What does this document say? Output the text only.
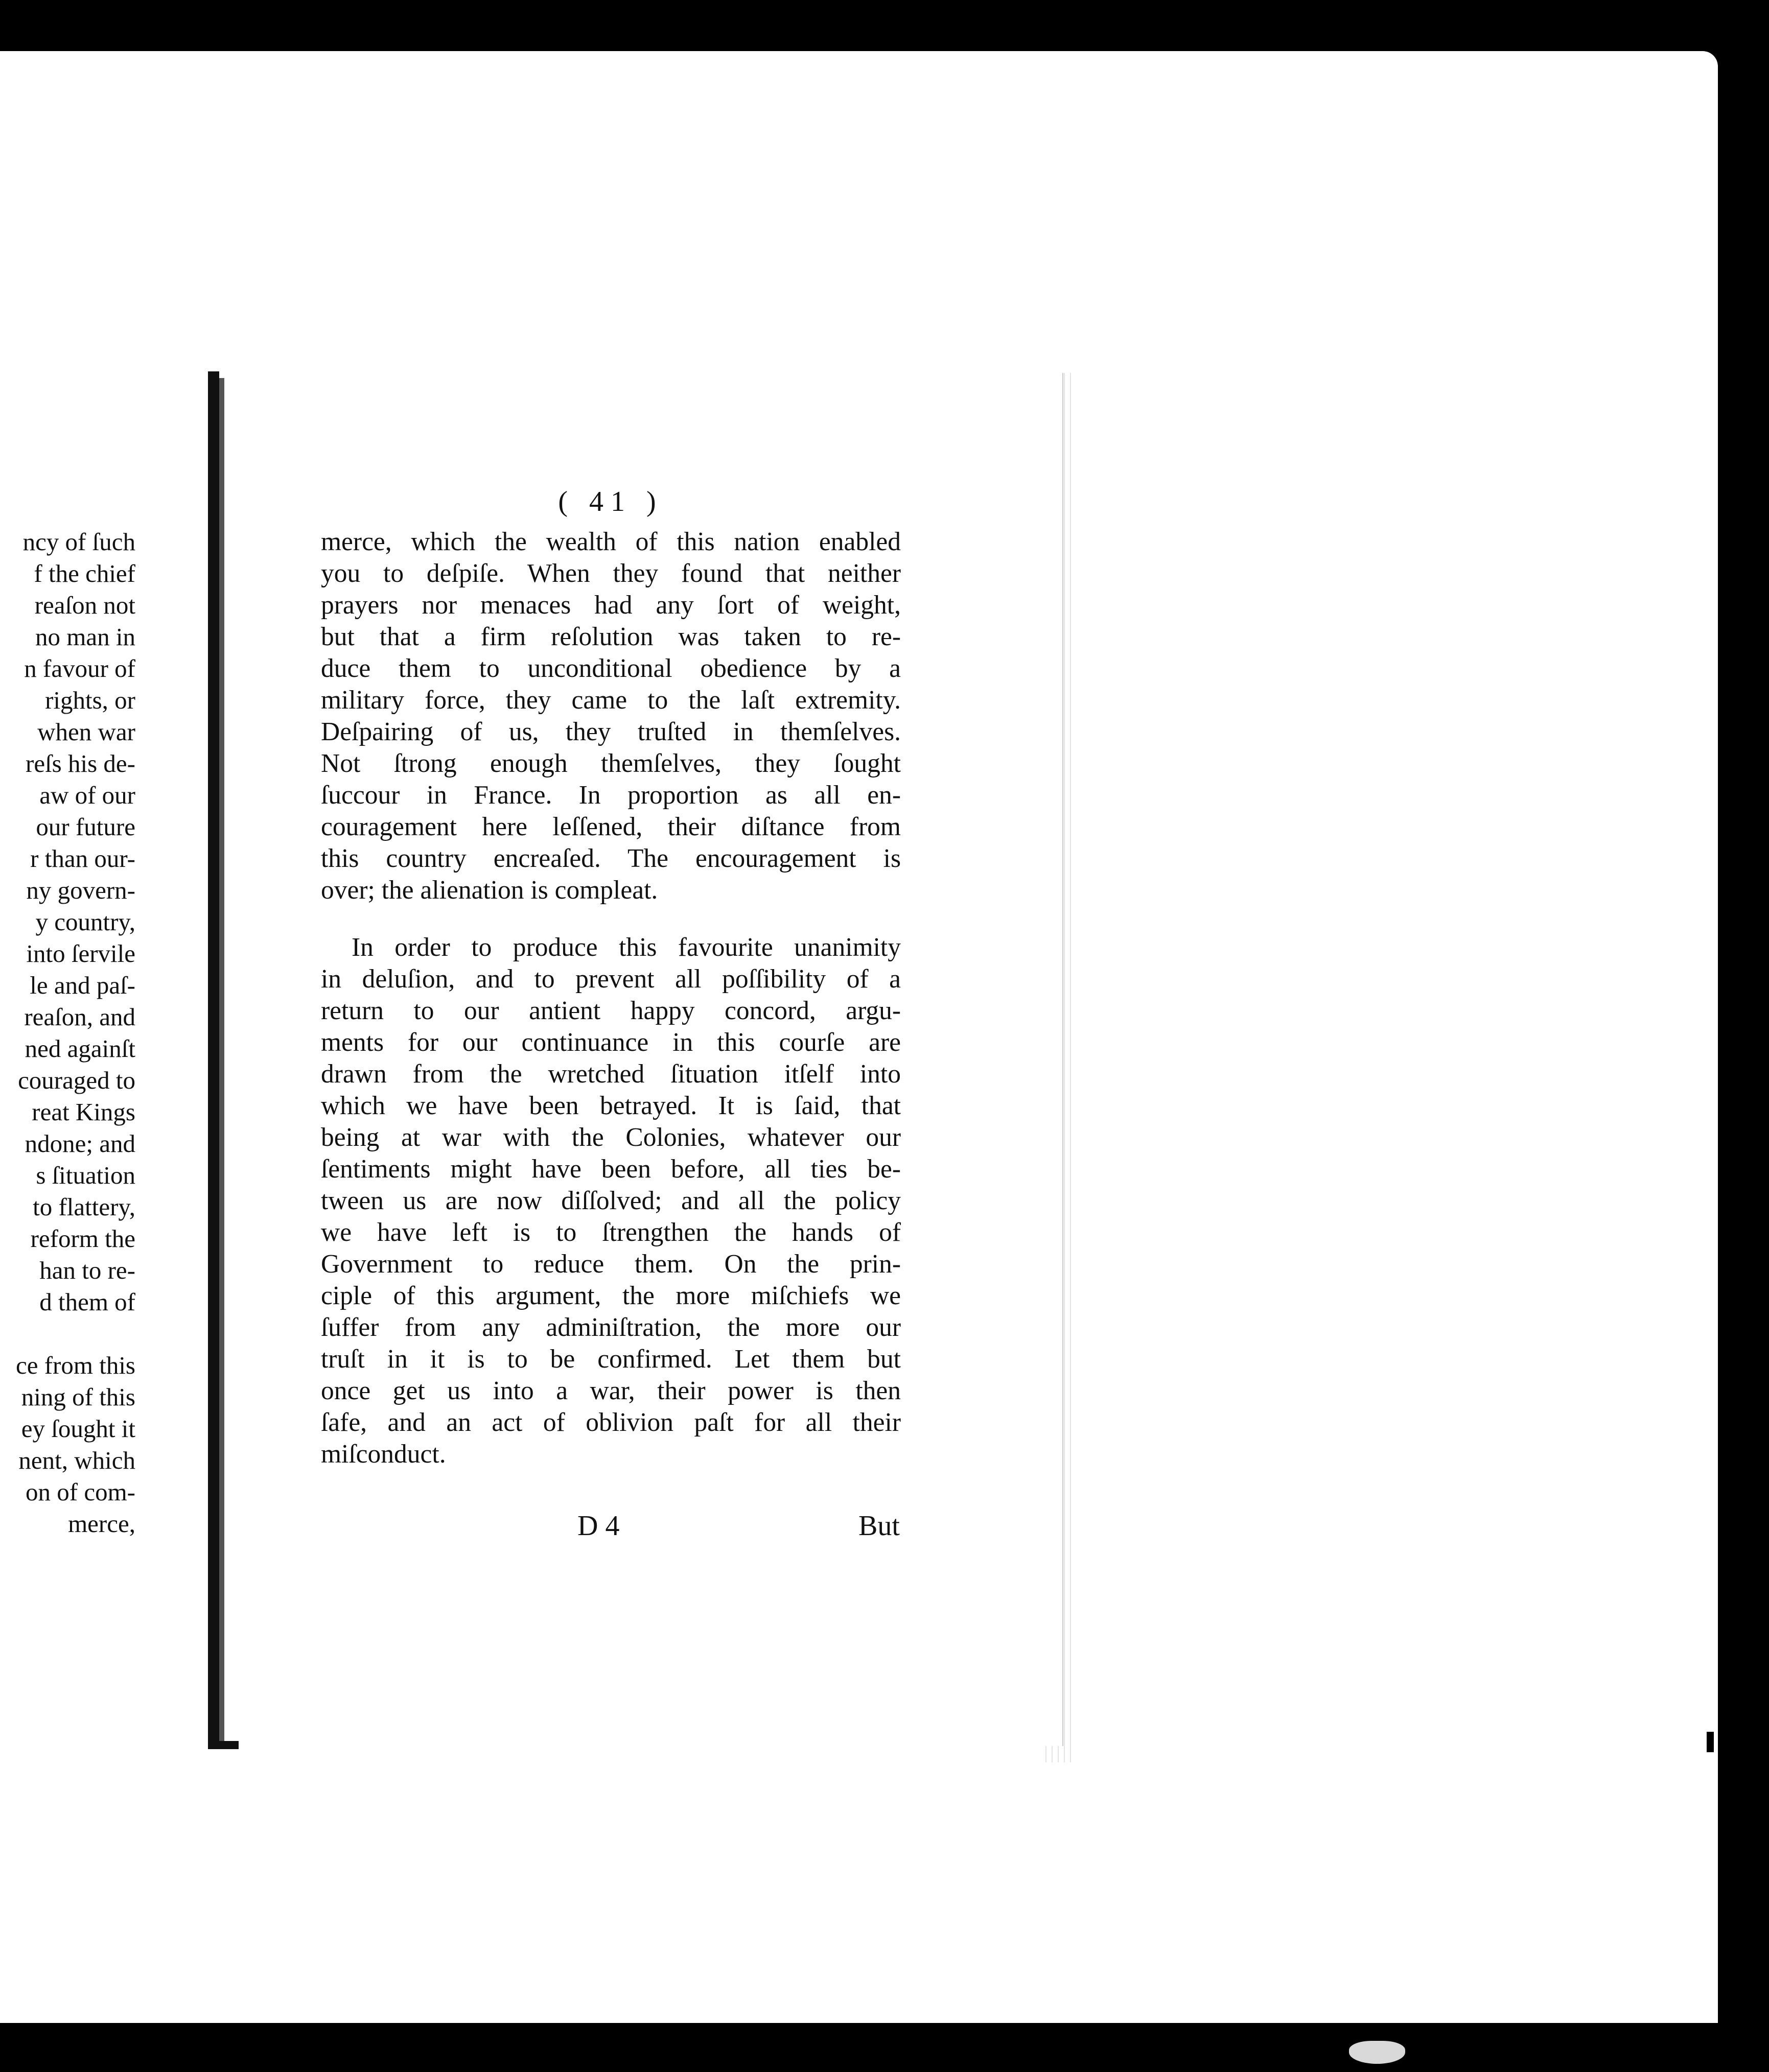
ncy of ſuch
f the chief
reaſon not
no man in
n favour of
rights, or
when war
reſs his de-
aw of our
our future
r than our-
ny govern-
y country,
into ſervile
le and paſ-
reaſon, and
ned againſt
couraged to
reat Kings
ndone; and
s ſituation
to flattery,
reform the
han to re-
d them of
ce from this
ning of this
ey ſought it
nent, which
on of com-
merce,
( 41 )
merce, which the wealth of this nation enabled
you to deſpiſe. When they found that neither
prayers nor menaces had any ſort of weight,
but that a firm reſolution was taken to re-
duce them to unconditional obedience by a
military force, they came to the laſt extremity.
Deſpairing of us, they truſted in themſelves.
Not ſtrong enough themſelves, they ſought
ſuccour in France. In proportion as all en-
couragement here leſſened, their diſtance from
this country encreaſed. The encouragement is
over; the alienation is compleat.
In order to produce this favourite unanimity
in deluſion, and to prevent all poſſibility of a
return to our antient happy concord, argu-
ments for our continuance in this courſe are
drawn from the wretched ſituation itſelf into
which we have been betrayed. It is ſaid, that
being at war with the Colonies, whatever our
ſentiments might have been before, all ties be-
tween us are now diſſolved; and all the policy
we have left is to ſtrengthen the hands of
Government to reduce them. On the prin-
ciple of this argument, the more miſchiefs we
ſuffer from any adminiſtration, the more our
truſt in it is to be confirmed. Let them but
once get us into a war, their power is then
ſafe, and an act of oblivion paſt for all their
miſconduct.
D 4	But
